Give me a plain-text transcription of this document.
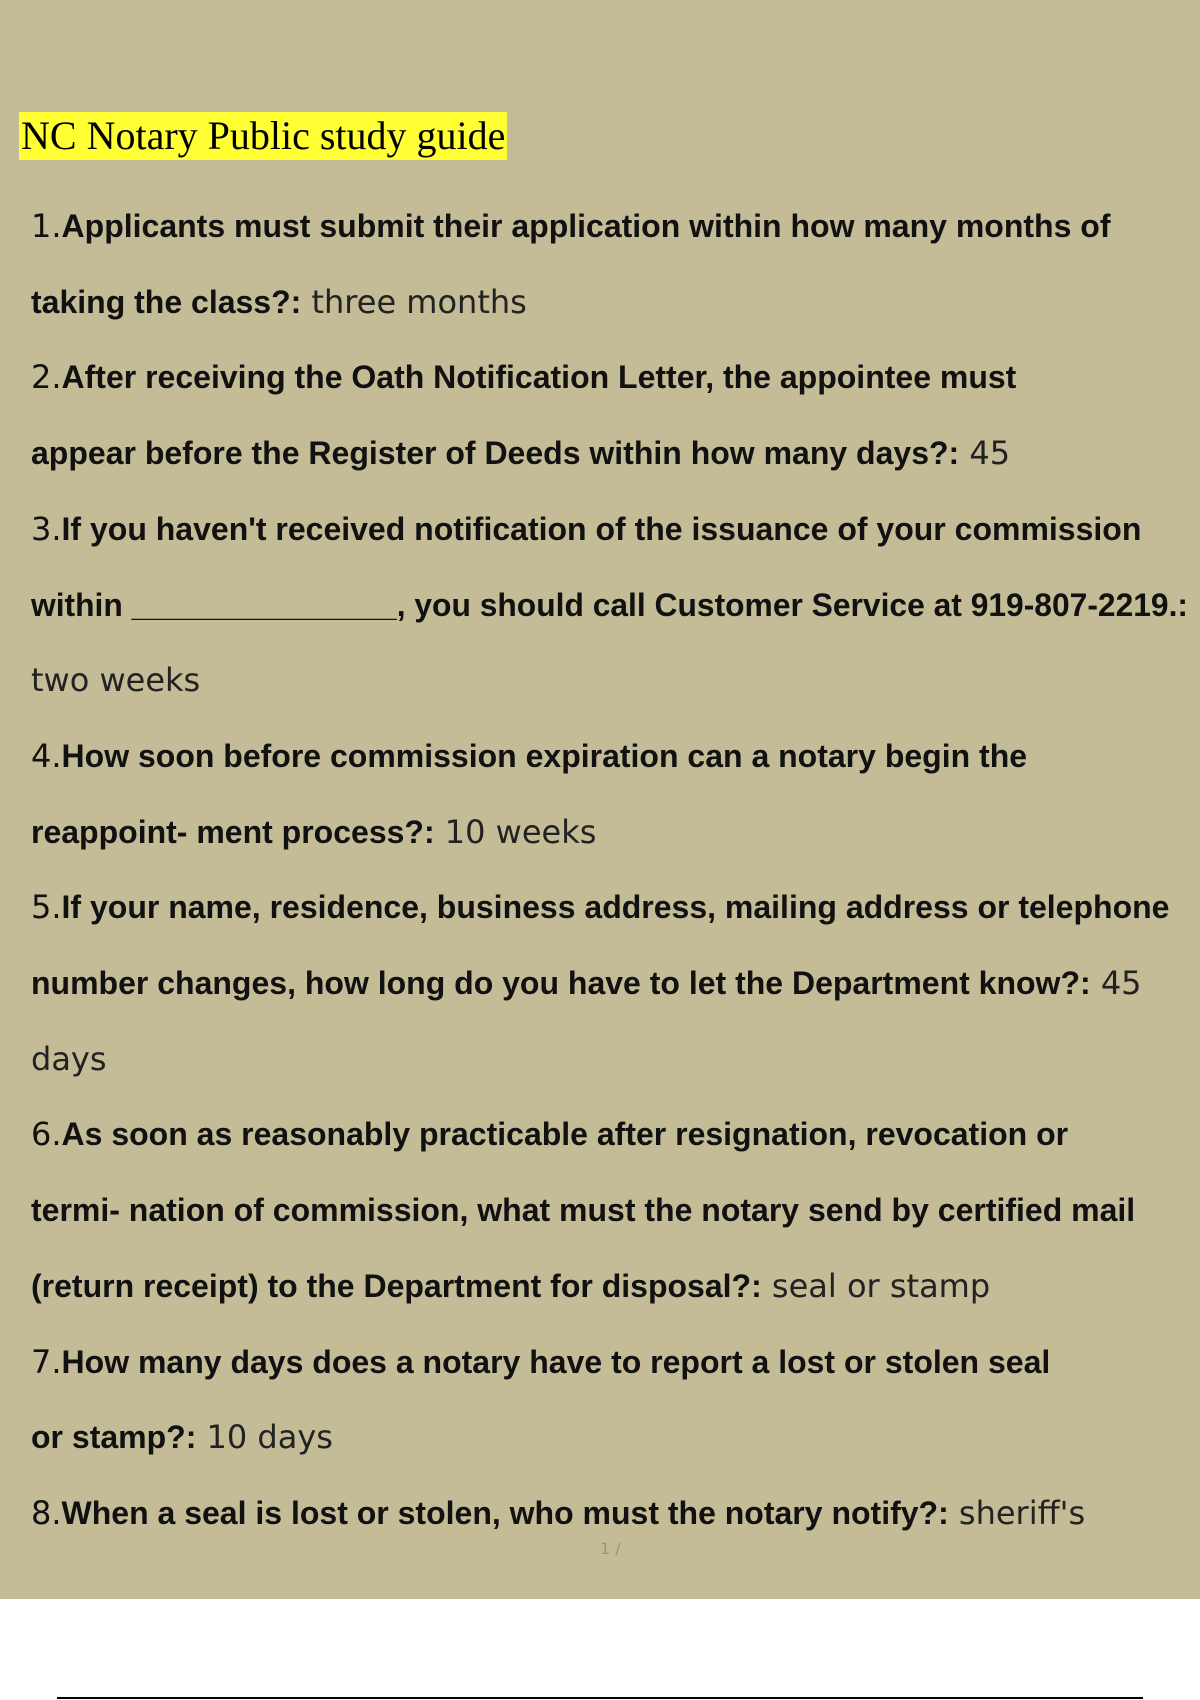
NC Notary Public study guide

1.Applicants must submit their application within how many months of

taking the class?: three months

2.After receiving the Oath Notification Letter, the appointee must

appear before the Register of Deeds within how many days?: 45

3.If you haven't received notification of the issuance of your commission

within _______________, you should call Customer Service at 919-807-2219.:

two weeks

4.How soon before commission expiration can a notary begin the

reappoint- ment process?: 10 weeks

5.If your name, residence, business address, mailing address or telephone

number changes, how long do you have to let the Department know?: 45

days

6.As soon as reasonably practicable after resignation, revocation or

termi- nation of commission, what must the notary send by certified mail

(return receipt) to the Department for disposal?: seal or stamp

7.How many days does a notary have to report a lost or stolen seal

or stamp?: 10 days

8.When a seal is lost or stolen, who must the notary notify?: sheriff's

1 /
